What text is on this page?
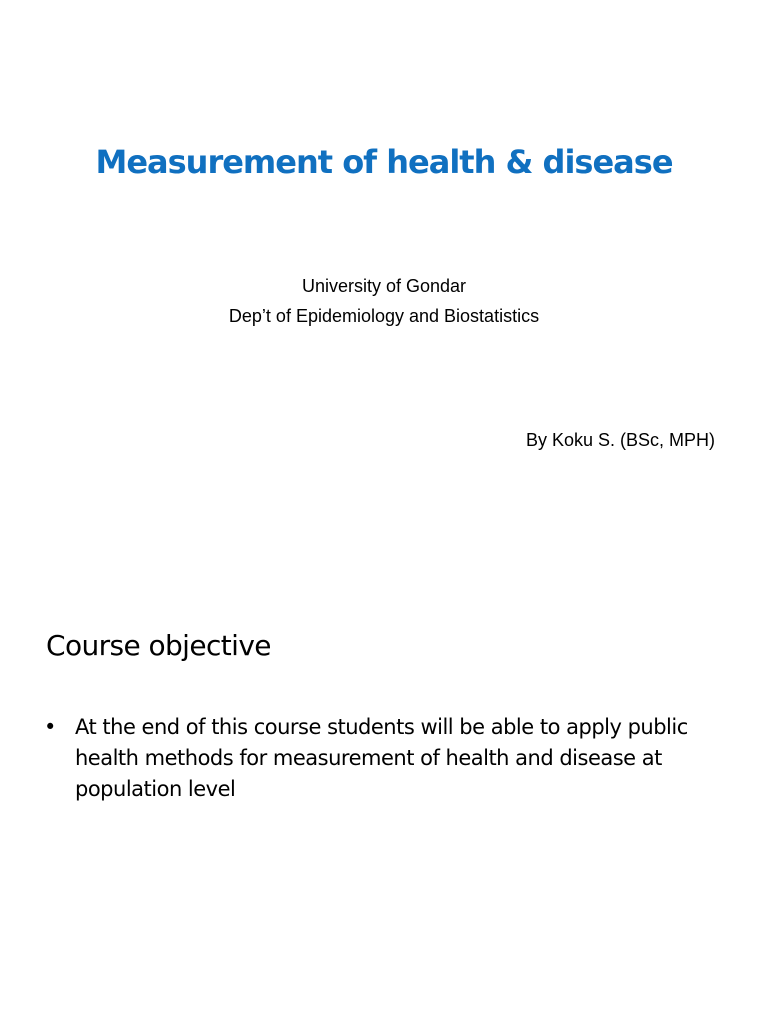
Measurement of health & disease
University of Gondar
Dep’t of Epidemiology and Biostatistics
By Koku S. (BSc, MPH)
Course objective
• At the end of this course students will be able to apply public health methods for measurement of health and disease at population level
